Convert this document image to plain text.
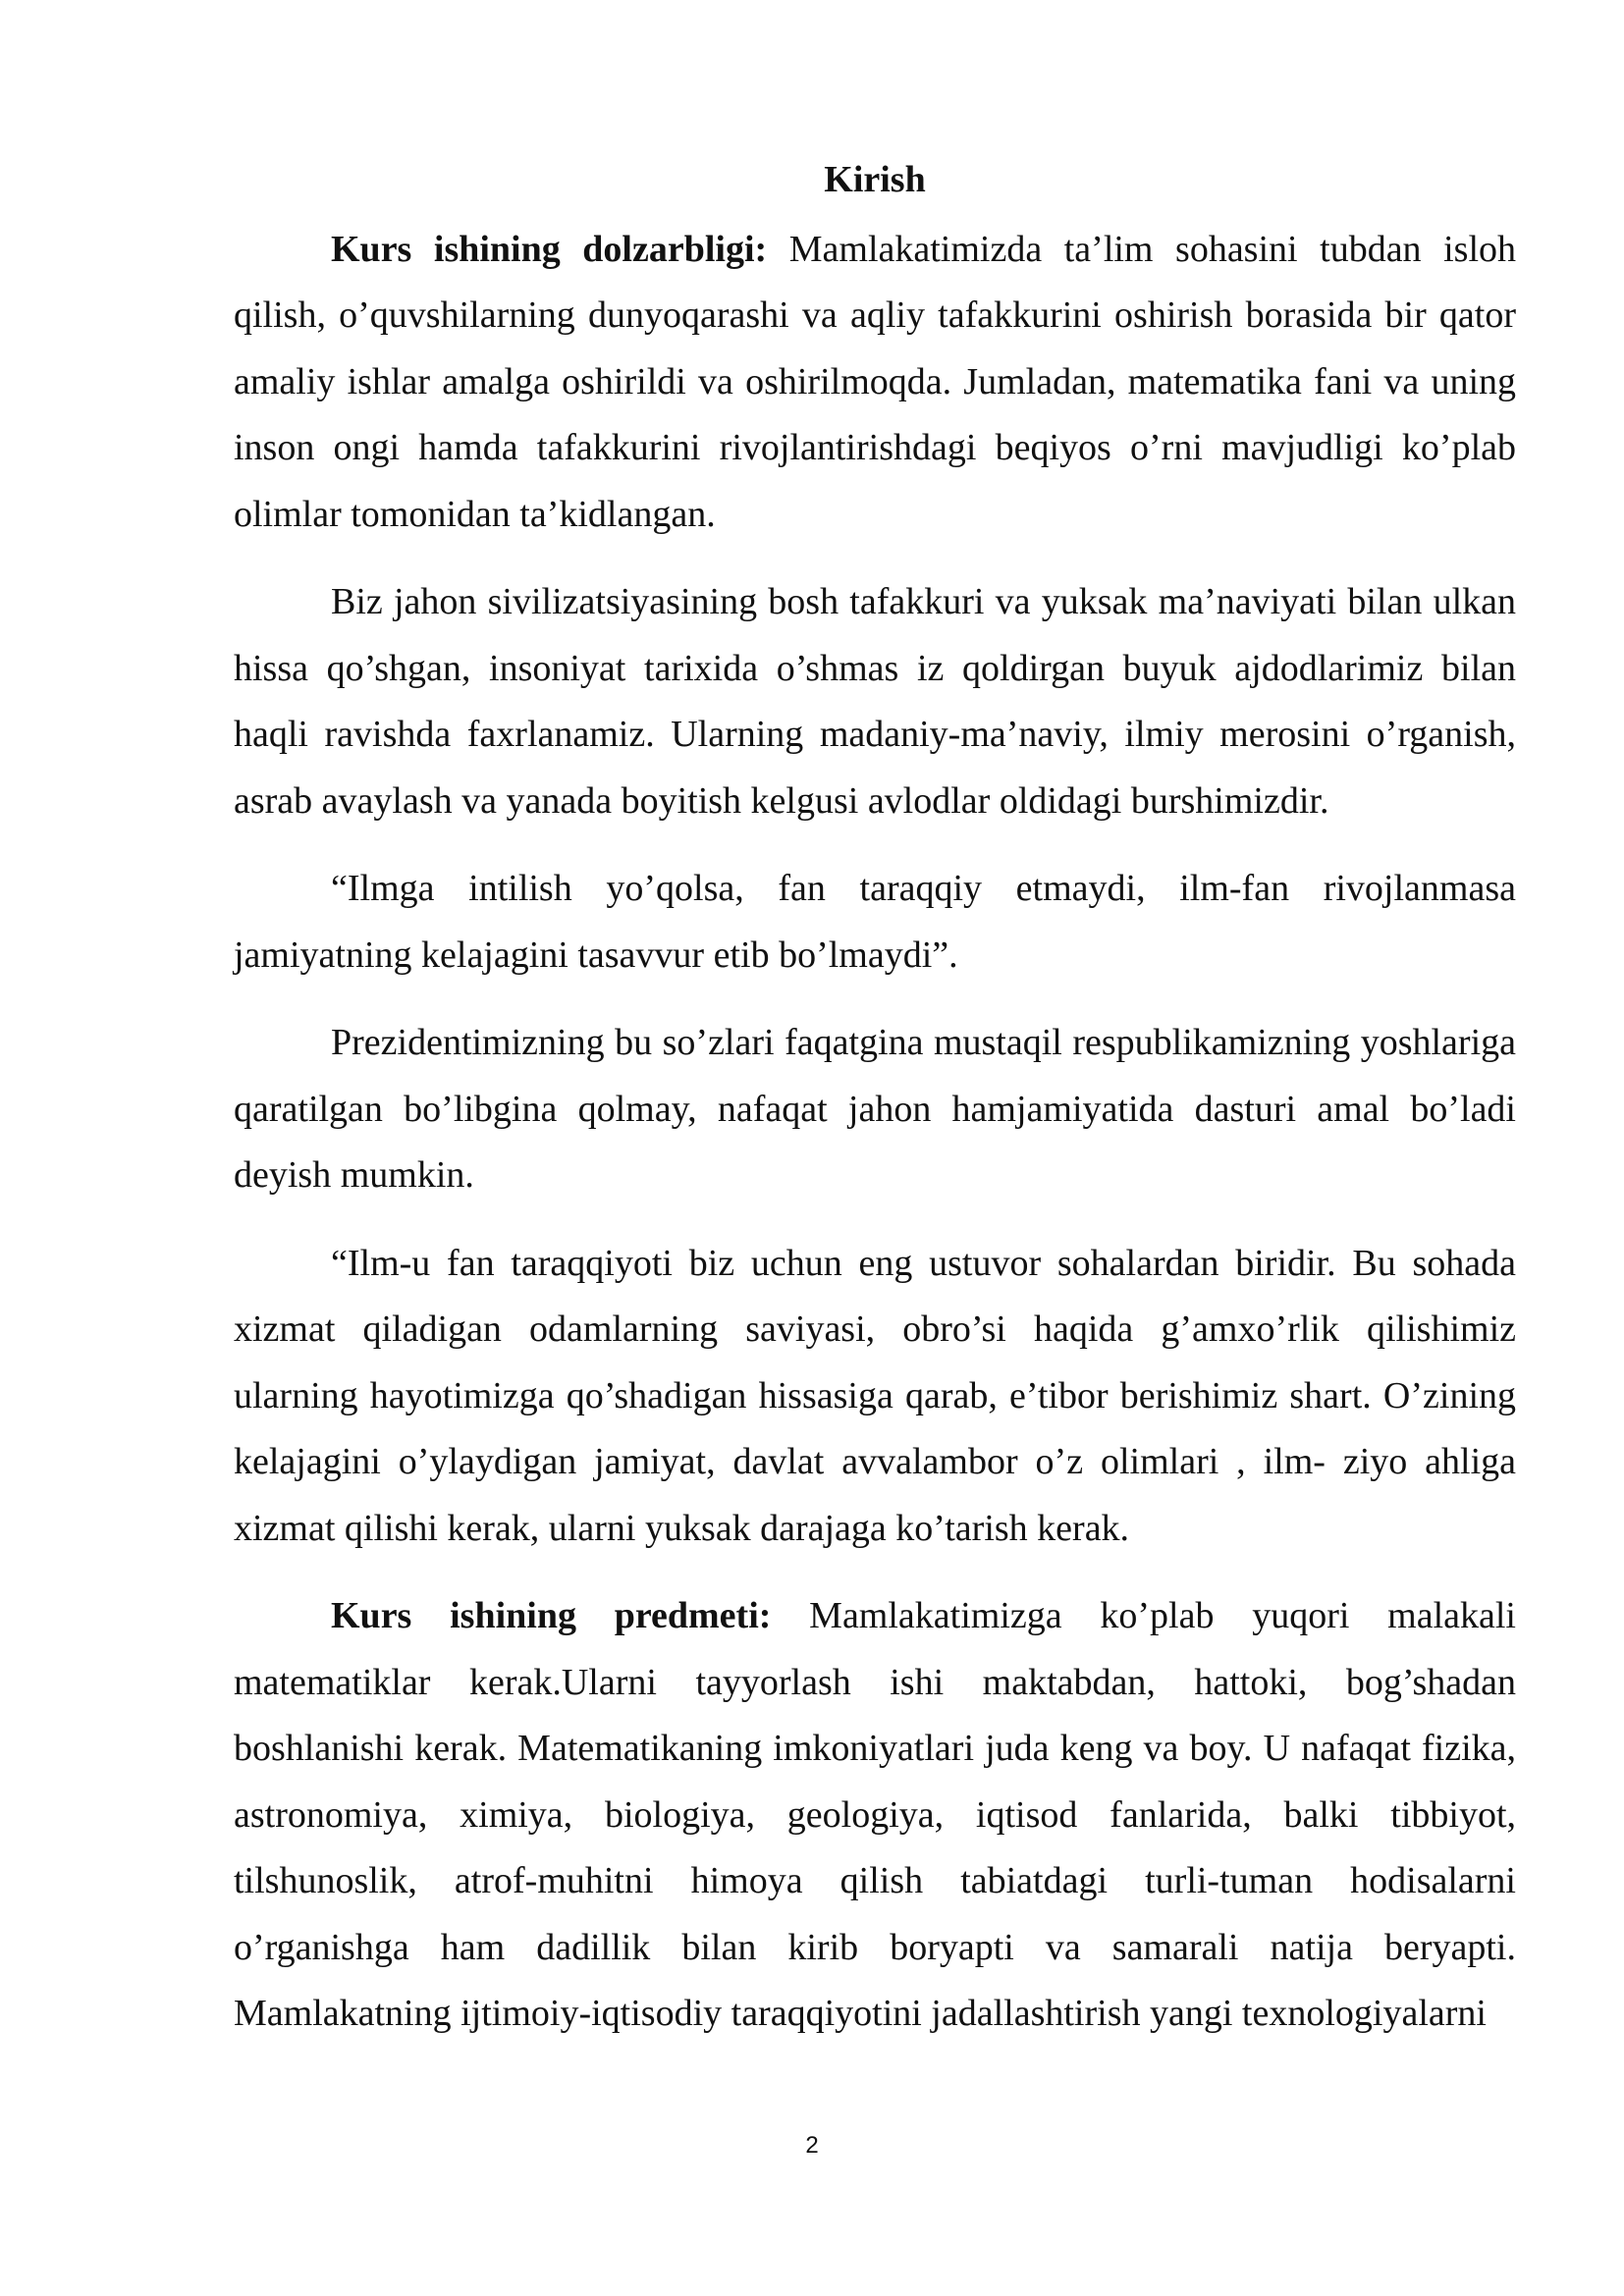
Kirish

Kurs ishining dolzarbligi: Mamlakatimizda ta’lim sohasini tubdan isloh qilish, o’quvshilarning dunyoqarashi va aqliy tafakkurini oshirish borasida bir qator amaliy ishlar amalga oshirildi va oshirilmoqda. Jumladan, matematika fani va uning inson ongi hamda tafakkurini rivojlantirishdagi beqiyos o’rni mavjudligi ko’plab olimlar tomonidan ta’kidlangan.

Biz jahon sivilizatsiyasining bosh tafakkuri va yuksak ma’naviyati bilan ulkan hissa qo’shgan, insoniyat tarixida o’shmas iz qoldirgan buyuk ajdodlarimiz bilan haqli ravishda faxrlanamiz. Ularning madaniy-ma’naviy, ilmiy merosini o’rganish, asrab avaylash va yanada boyitish kelgusi avlodlar oldidagi burshimizdir.

“Ilmga intilish yo’qolsa, fan taraqqiy etmaydi, ilm-fan rivojlanmasa jamiyatning kelajagini tasavvur etib bo’lmaydi”.

Prezidentimizning bu so’zlari faqatgina mustaqil respublikamizning yoshlariga qaratilgan bo’libgina qolmay, nafaqat jahon hamjamiyatida dasturi amal bo’ladi deyish mumkin.

“Ilm-u fan taraqqiyoti biz uchun eng ustuvor sohalardan biridir. Bu sohada xizmat qiladigan odamlarning saviyasi, obro’si haqida g’amxo’rlik qilishimiz ularning hayotimizga qo’shadigan hissasiga qarab, e’tibor berishimiz shart. O’zining kelajagini o’ylaydigan jamiyat, davlat avvalambor o’z olimlari , ilm- ziyo ahliga xizmat qilishi kerak, ularni yuksak darajaga ko’tarish kerak.

Kurs ishining predmeti: Mamlakatimizga ko’plab yuqori malakali matematiklar kerak.Ularni tayyorlash ishi maktabdan, hattoki, bog’shadan boshlanishi kerak. Matematikaning imkoniyatlari juda keng va boy. U nafaqat fizika, astronomiya, ximiya, biologiya, geologiya, iqtisod fanlarida, balki tibbiyot, tilshunoslik, atrof-muhitni himoya qilish tabiatdagi turli-tuman hodisalarni o’rganishga ham dadillik bilan kirib boryapti va samarali natija beryapti. Mamlakatning ijtimoiy-iqtisodiy taraqqiyotini jadallashtirish yangi texnologiyalarni

2
